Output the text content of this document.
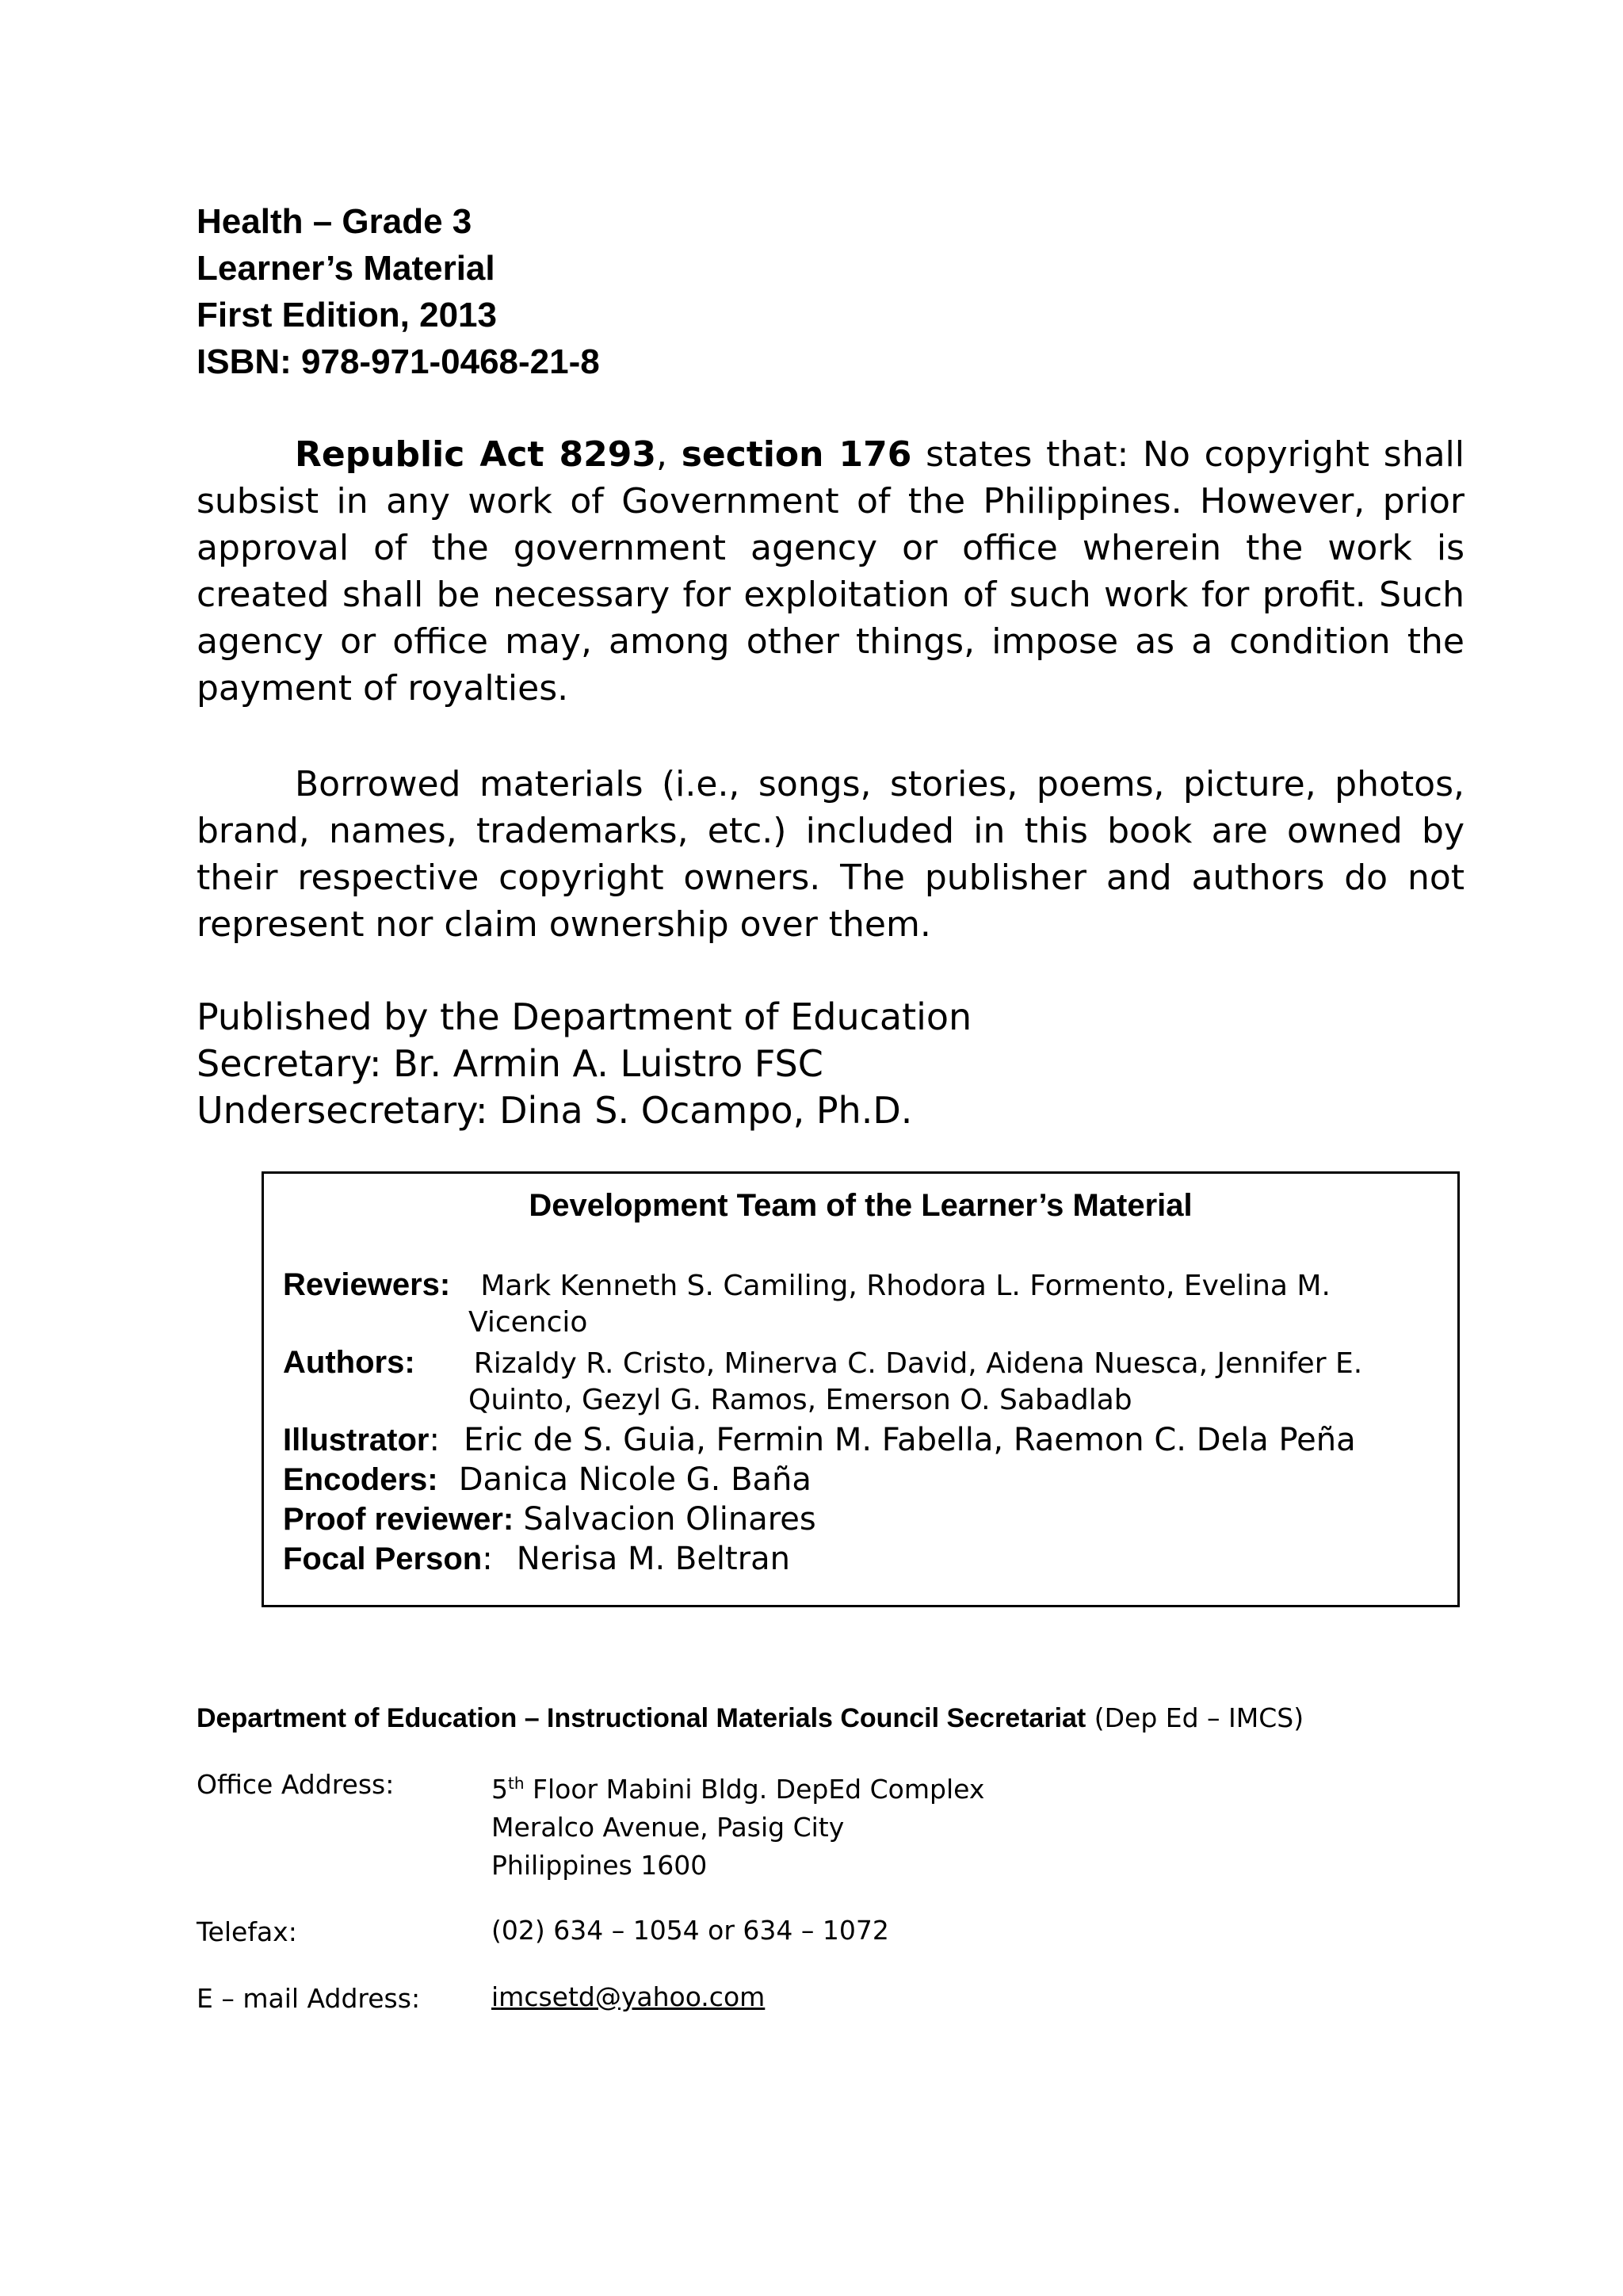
Health – Grade 3
Learner’s Material
First Edition, 2013
ISBN: 978-971-0468-21-8

Republic Act 8293, section 176 states that: No copyright shall subsist in any work of Government of the Philippines. However, prior approval of the government agency or office wherein the work is created shall be necessary for exploitation of such work for profit. Such agency or office may, among other things, impose as a condition the payment of royalties.

Borrowed materials (i.e., songs, stories, poems, picture, photos, brand, names, trademarks, etc.) included in this book are owned by their respective copyright owners. The publisher and authors do not represent nor claim ownership over them.

Published by the Department of Education
Secretary: Br. Armin A. Luistro FSC
Undersecretary: Dina S. Ocampo, Ph.D.
Development Team of the Learner’s Material
Reviewers: Mark Kenneth S. Camiling, Rhodora L. Formento, Evelina M.
Vicencio
Authors: Rizaldy R. Cristo, Minerva C. David, Aidena Nuesca, Jennifer E.
Quinto, Gezyl G. Ramos, Emerson O. Sabadlab
Illustrator: Eric de S. Guia, Fermin M. Fabella, Raemon C. Dela Peña
Encoders: Danica Nicole G. Baña
Proof reviewer: Salvacion Olinares
Focal Person: Nerisa M. Beltran
Department of Education – Instructional Materials Council Secretariat (Dep Ed – IMCS)
Office Address:	5th Floor Mabini Bldg. DepEd Complex
Meralco Avenue, Pasig City
Philippines 1600
Telefax:	(02) 634 – 1054 or 634 – 1072
E – mail Address:	imcsetd@yahoo.com
